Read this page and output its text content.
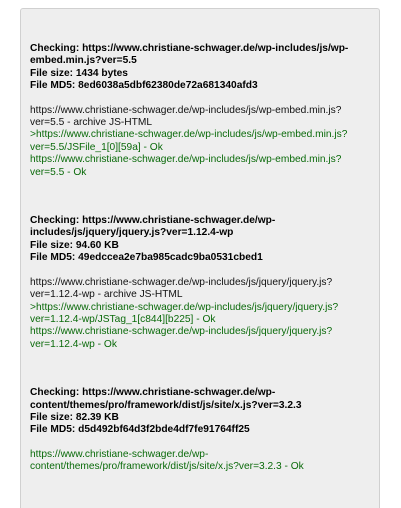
Checking: https://www.christiane-schwager.de/wp-includes/js/wp-embed.min.js?ver=5.5
File size: 1434 bytes
File MD5: 8ed6038a5dbf62380de72a681340afd3
https://www.christiane-schwager.de/wp-includes/js/wp-embed.min.js?ver=5.5 - archive JS-HTML
>https://www.christiane-schwager.de/wp-includes/js/wp-embed.min.js?ver=5.5/JSFile_1[0][59a] - Ok
https://www.christiane-schwager.de/wp-includes/js/wp-embed.min.js?ver=5.5 - Ok
Checking: https://www.christiane-schwager.de/wp-includes/js/jquery/jquery.js?ver=1.12.4-wp
File size: 94.60 KB
File MD5: 49edccea2e7ba985cadc9ba0531cbed1
https://www.christiane-schwager.de/wp-includes/js/jquery/jquery.js?ver=1.12.4-wp - archive JS-HTML
>https://www.christiane-schwager.de/wp-includes/js/jquery/jquery.js?ver=1.12.4-wp/JSTag_1[c844][b225] - Ok
https://www.christiane-schwager.de/wp-includes/js/jquery/jquery.js?ver=1.12.4-wp - Ok
Checking: https://www.christiane-schwager.de/wp-content/themes/pro/framework/dist/js/site/x.js?ver=3.2.3
File size: 82.39 KB
File MD5: d5d492bf64d3f2bde4df7fe91764ff25
https://www.christiane-schwager.de/wp-content/themes/pro/framework/dist/js/site/x.js?ver=3.2.3 - Ok
